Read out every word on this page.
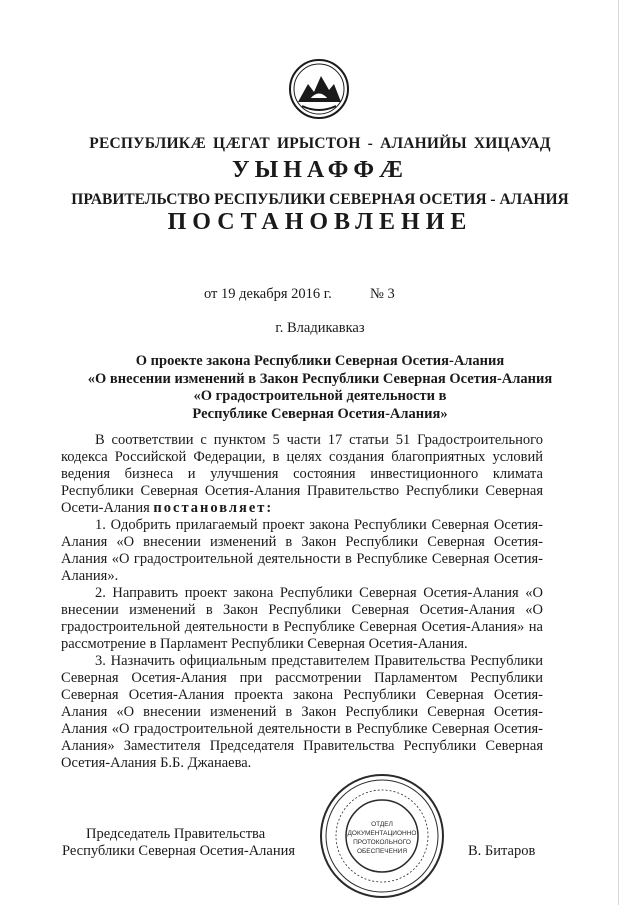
РЕСПУБЛИКÆ ЦÆГАТ ИРЫСТОН - АЛАНИЙЫ ХИЦАУАД
УЫНАФФÆ
ПРАВИТЕЛЬСТВО РЕСПУБЛИКИ СЕВЕРНАЯ ОСЕТИЯ - АЛАНИЯ
ПОСТАНОВЛЕНИЕ
от 19 декабря 2016 г.	№ 3
г. Владикавказ
О проекте закона Республики Северная Осетия-Алания
«О внесении изменений в Закон Республики Северная Осетия-Алания
«О градостроительной деятельности в
Республике Северная Осетия-Алания»

В соответствии с пунктом 5 части 17 статьи 51 Градостроительного кодекса Российской Федерации, в целях создания благоприятных условий ведения бизнеса и улучшения состояния инвестиционного климата Республики Северная Осетия-Алания Правительство Республики Северная Осети-Алания постановляет:

1. Одобрить прилагаемый проект закона Республики Северная Осетия-Алания «О внесении изменений в Закон Республики Северная Осетия-Алания «О градостроительной деятельности в Республике Северная Осетия-Алания».

2. Направить проект закона Республики Северная Осетия-Алания «О внесении изменений в Закон Республики Северная Осетия-Алания «О градостроительной деятельности в Республике Северная Осетия-Алания» на рассмотрение в Парламент Республики Северная Осетия-Алания.

3. Назначить официальным представителем Правительства Республики Северная Осетия-Алания при рассмотрении Парламентом Республики Северная Осетия-Алания проекта закона Республики Северная Осетия-Алания «О внесении изменений в Закон Республики Северная Осетия-Алания «О градостроительной деятельности в Республике Северная Осетия-Алания» Заместителя Председателя Правительства Республики Северная Осетия-Алания Б.Б. Джанаева.

Председатель Правительства
Республики Северная Осетия-Алания	В. Битаров
ОТДЕЛ
ДОКУМЕНТАЦИОННО
ПРОТОКОЛЬНОГО
ОБЕСПЕЧЕНИЯ
